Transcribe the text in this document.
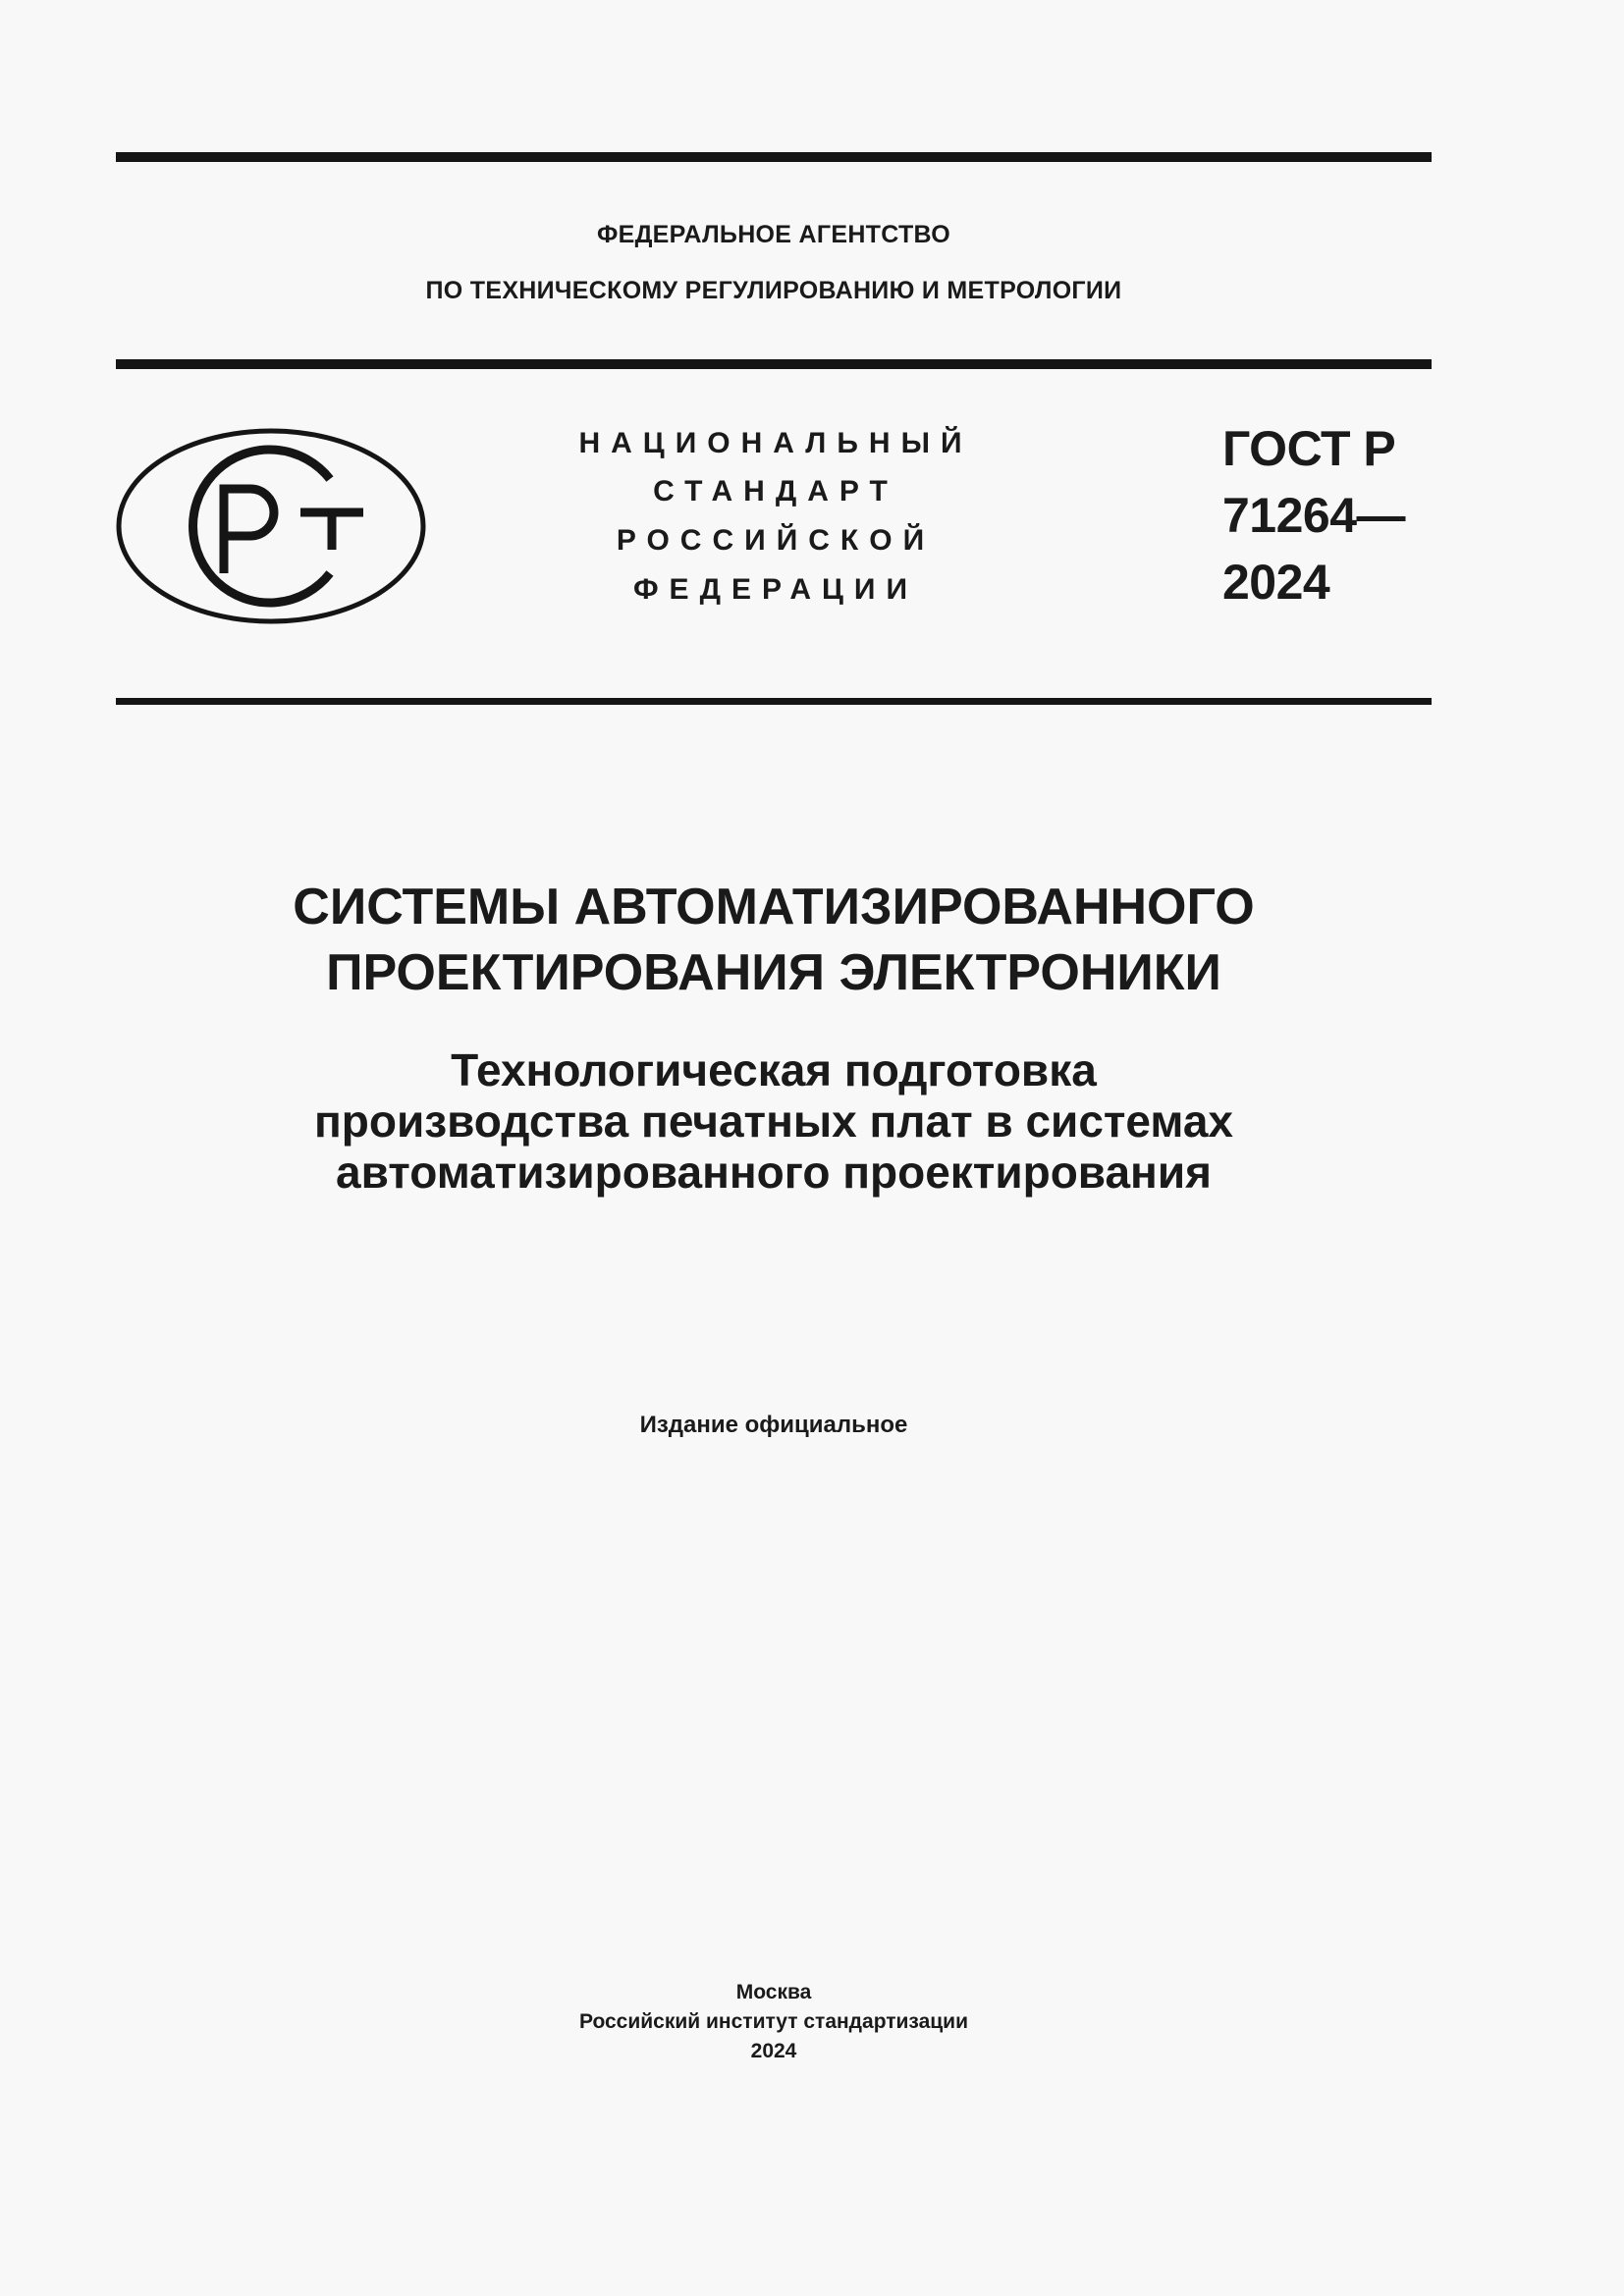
ФЕДЕРАЛЬНОЕ АГЕНТСТВО
ПО ТЕХНИЧЕСКОМУ РЕГУЛИРОВАНИЮ И МЕТРОЛОГИИ
НАЦИОНАЛЬНЫЙ
СТАНДАРТ
РОССИЙСКОЙ
ФЕДЕРАЦИИ
ГОСТ Р
71264—
2024
СИСТЕМЫ АВТОМАТИЗИРОВАННОГО
ПРОЕКТИРОВАНИЯ ЭЛЕКТРОНИКИ
Технологическая подготовка
производства печатных плат в системах
автоматизированного проектирования
Издание официальное
Москва
Российский институт стандартизации
2024
